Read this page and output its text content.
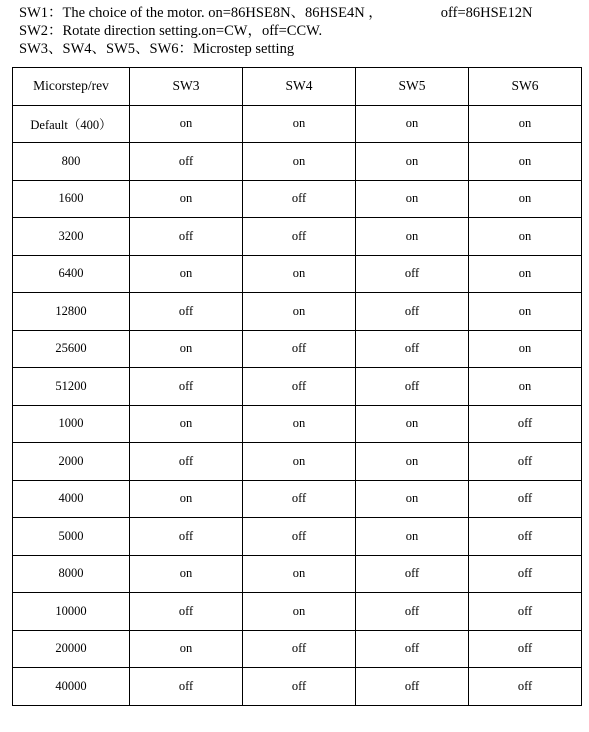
SW1：The choice of the motor. on=86HSE8N、86HSE4N ，	off=86HSE12N
SW2：Rotate direction setting.on=CW，off=CCW.
SW3、SW4、SW5、SW6：Microstep setting
Micorstep/rev	SW3	SW4	SW5	SW6
Default（400）	on	on	on	on
800	off	on	on	on
1600	on	off	on	on
3200	off	off	on	on
6400	on	on	off	on
12800	off	on	off	on
25600	on	off	off	on
51200	off	off	off	on
1000	on	on	on	off
2000	off	on	on	off
4000	on	off	on	off
5000	off	off	on	off
8000	on	on	off	off
10000	off	on	off	off
20000	on	off	off	off
40000	off	off	off	off
